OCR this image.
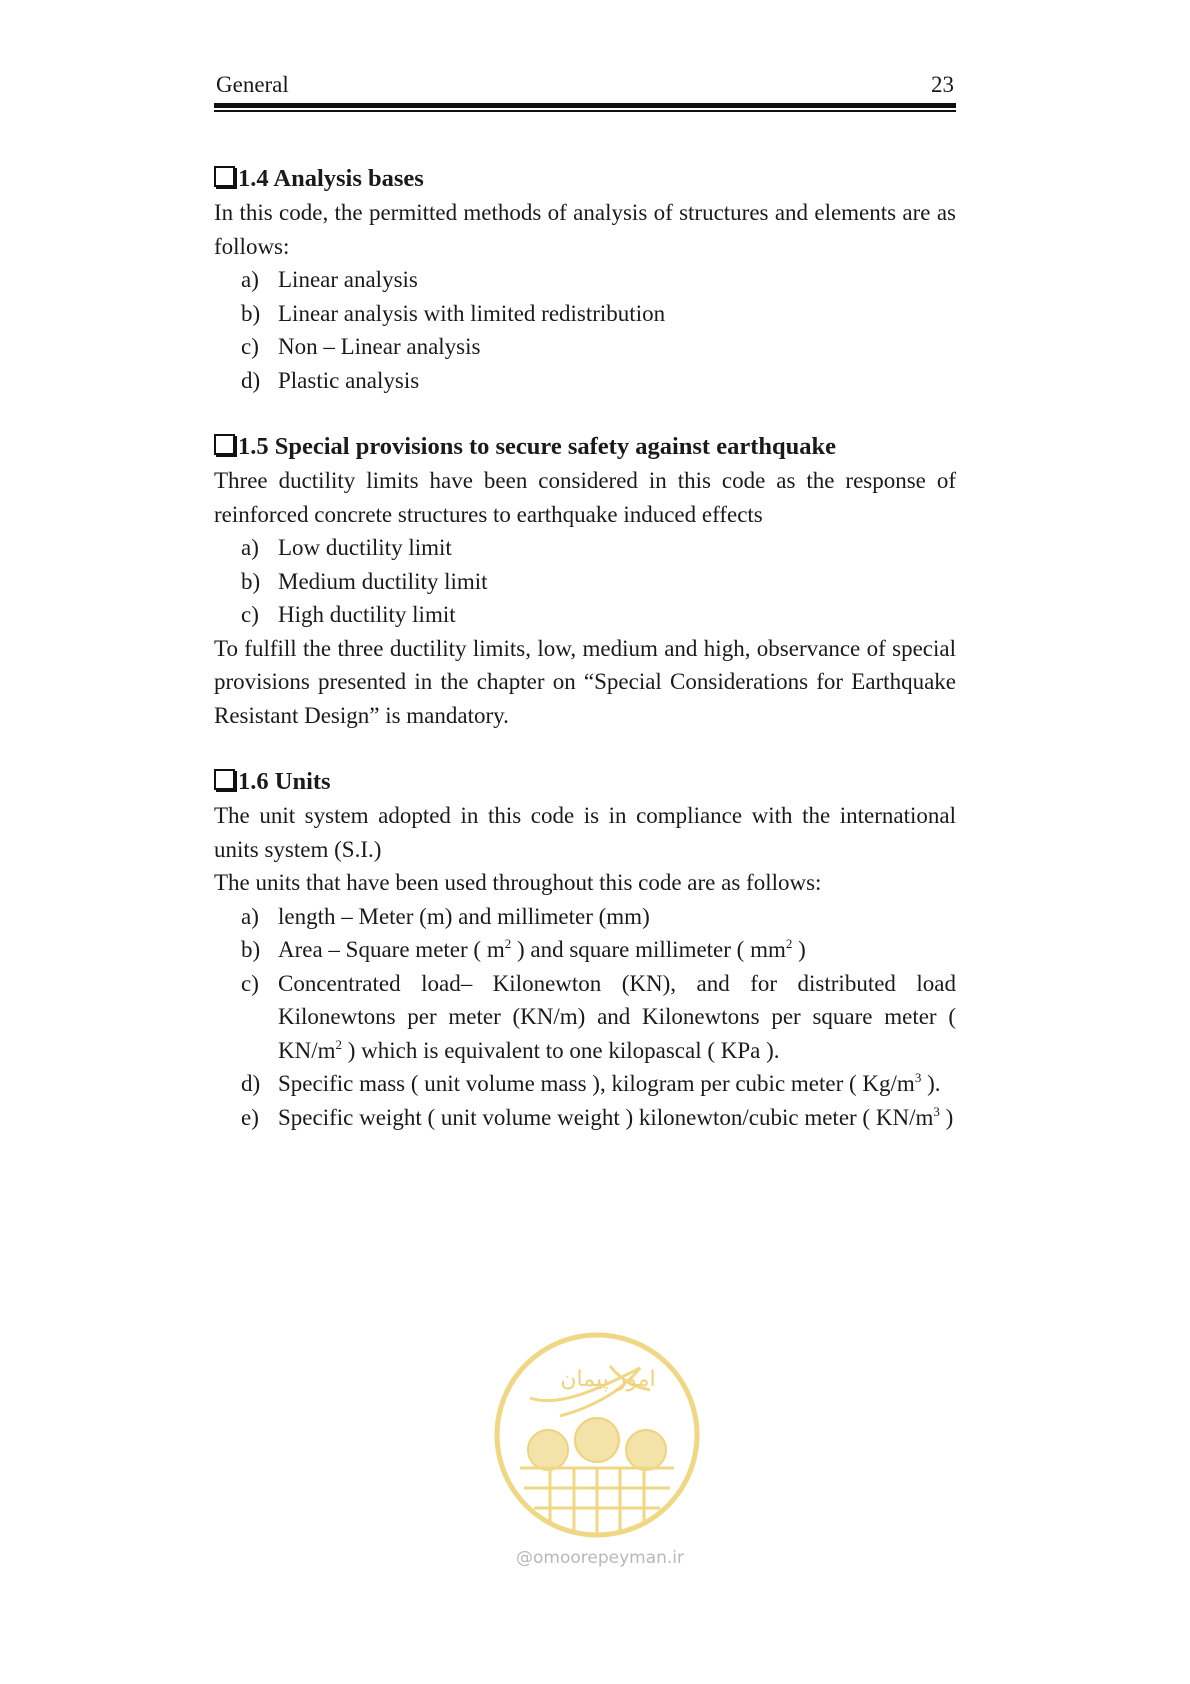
General	23
1.4 Analysis bases

In this code, the permitted methods of analysis of structures and elements are as follows:

a) Linear analysis
b) Linear analysis with limited redistribution
c) Non – Linear analysis
d) Plastic analysis
1.5 Special provisions to secure safety against earthquake

Three ductility limits have been considered in this code as the response of reinforced concrete structures to earthquake induced effects

a) Low ductility limit
b) Medium ductility limit
c) High ductility limit

To fulfill the three ductility limits, low, medium and high, observance of special provisions presented in the chapter on “Special Considerations for Earthquake Resistant Design” is mandatory.

1.6 Units

The unit system adopted in this code is in compliance with the international units system (S.I.)

The units that have been used throughout this code are as follows:

a) length – Meter (m) and millimeter (mm)
b) Area – Square meter ( $m^2$ ) and square millimeter ( $mm^2$ )
c) Concentrated load– Kilonewton (KN), and for distributed load Kilonewtons per meter (KN/m) and Kilonewtons per square meter ( $KN/m^2$ ) which is equivalent to one kilopascal ( KPa ).
d) Specific mass ( unit volume mass ), kilogram per cubic meter ( $Kg/m^3$ ).
e) Specific weight ( unit volume weight ) kilonewton/cubic meter ( $KN/m^3$ )
امور پیمان
@omoorepeyman.ir
